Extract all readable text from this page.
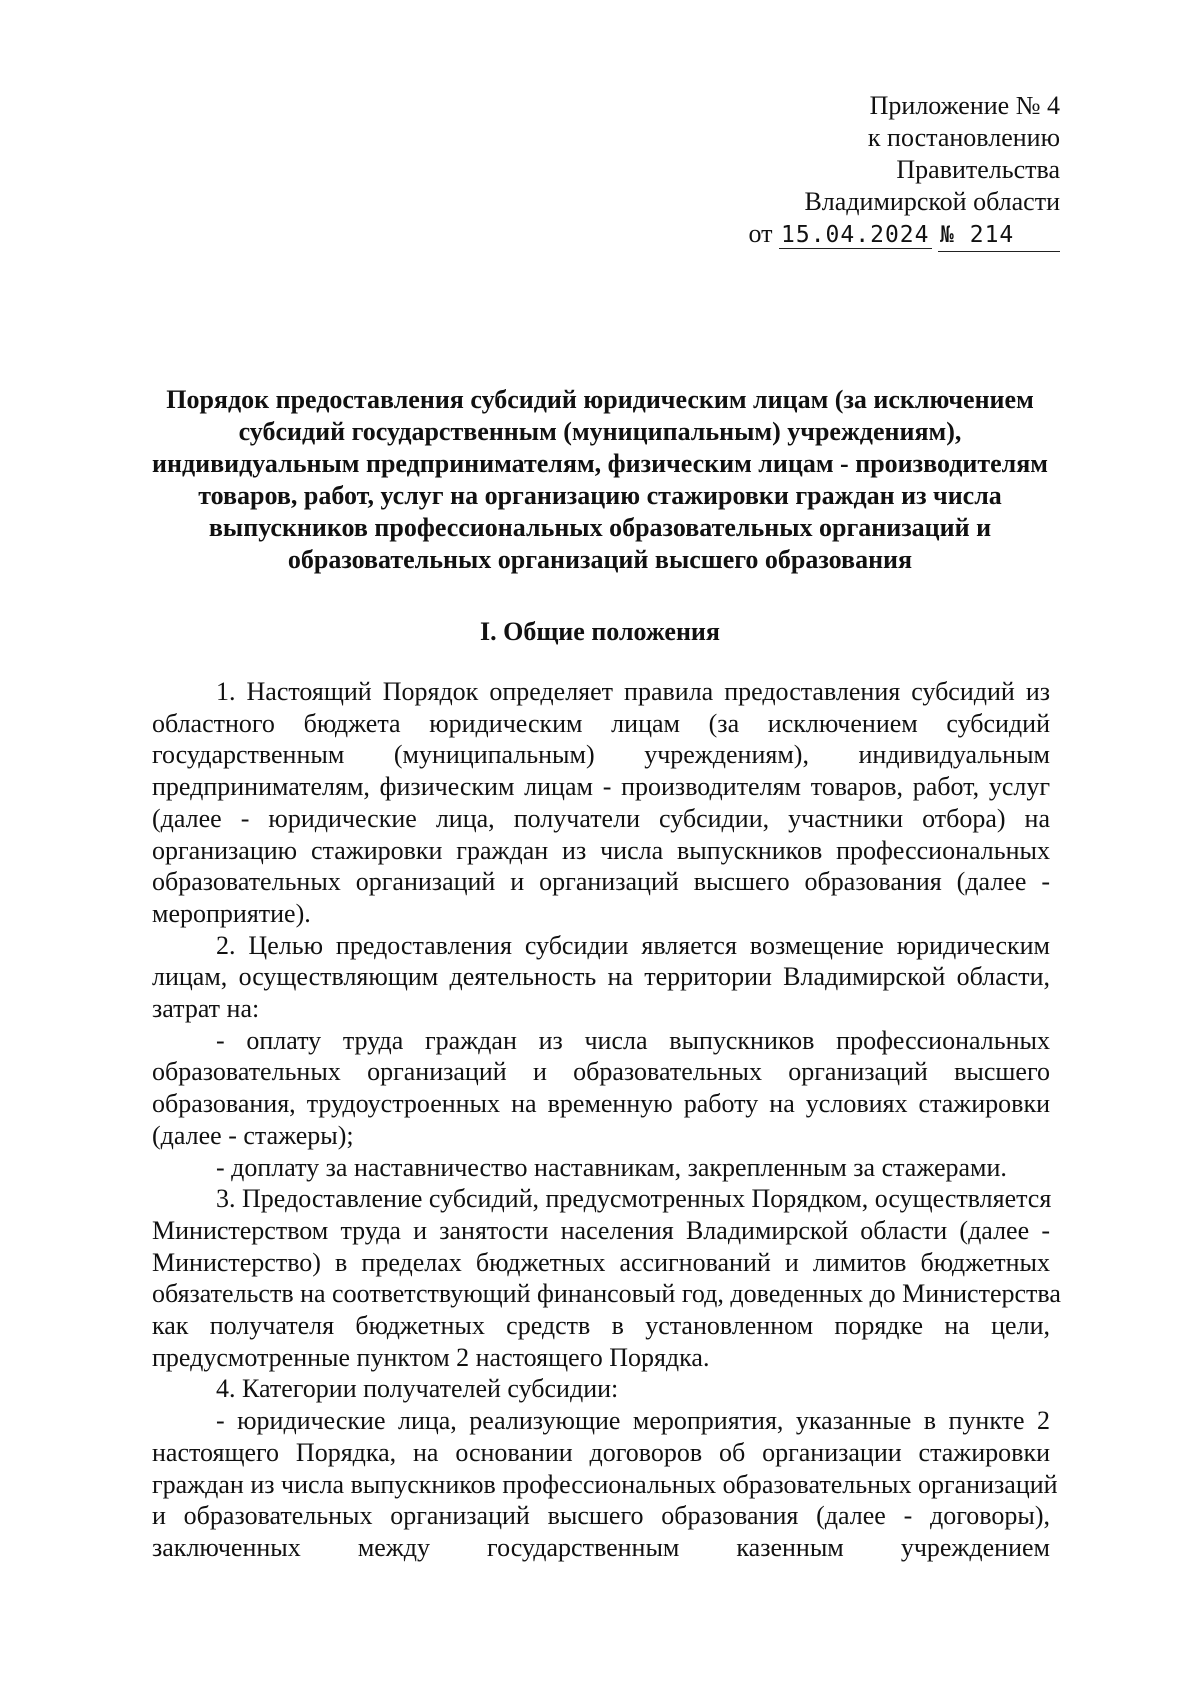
Приложение № 4
к постановлению
Правительства
Владимирской области
от 15.04.2024 № 214
Порядок предоставления субсидий юридическим лицам (за исключением
субсидий государственным (муниципальным) учреждениям),
индивидуальным предпринимателям, физическим лицам - производителям
товаров, работ, услуг на организацию стажировки граждан из числа
выпускников профессиональных образовательных организаций и
образовательных организаций высшего образования
I. Общие положения
1. Настоящий Порядок определяет правила предоставления субсидий из
областного бюджета юридическим лицам (за исключением субсидий
государственным (муниципальным) учреждениям), индивидуальным
предпринимателям, физическим лицам - производителям товаров, работ, услуг
(далее - юридические лица, получатели субсидии, участники отбора) на
организацию стажировки граждан из числа выпускников профессиональных
образовательных организаций и организаций высшего образования (далее -
мероприятие).
2. Целью предоставления субсидии является возмещение юридическим
лицам, осуществляющим деятельность на территории Владимирской области,
затрат на:
- оплату труда граждан из числа выпускников профессиональных
образовательных организаций и образовательных организаций высшего
образования, трудоустроенных на временную работу на условиях стажировки
(далее - стажеры);
- доплату за наставничество наставникам, закрепленным за стажерами.
3. Предоставление субсидий, предусмотренных Порядком, осуществляется
Министерством труда и занятости населения Владимирской области (далее -
Министерство) в пределах бюджетных ассигнований и лимитов бюджетных
обязательств на соответствующий финансовый год, доведенных до Министерства
как получателя бюджетных средств в установленном порядке на цели,
предусмотренные пунктом 2 настоящего Порядка.
4. Категории получателей субсидии:
- юридические лица, реализующие мероприятия, указанные в пункте 2
настоящего Порядка, на основании договоров об организации стажировки
граждан из числа выпускников профессиональных образовательных организаций
и образовательных организаций высшего образования (далее - договоры),
заключенных между государственным казенным учреждением
